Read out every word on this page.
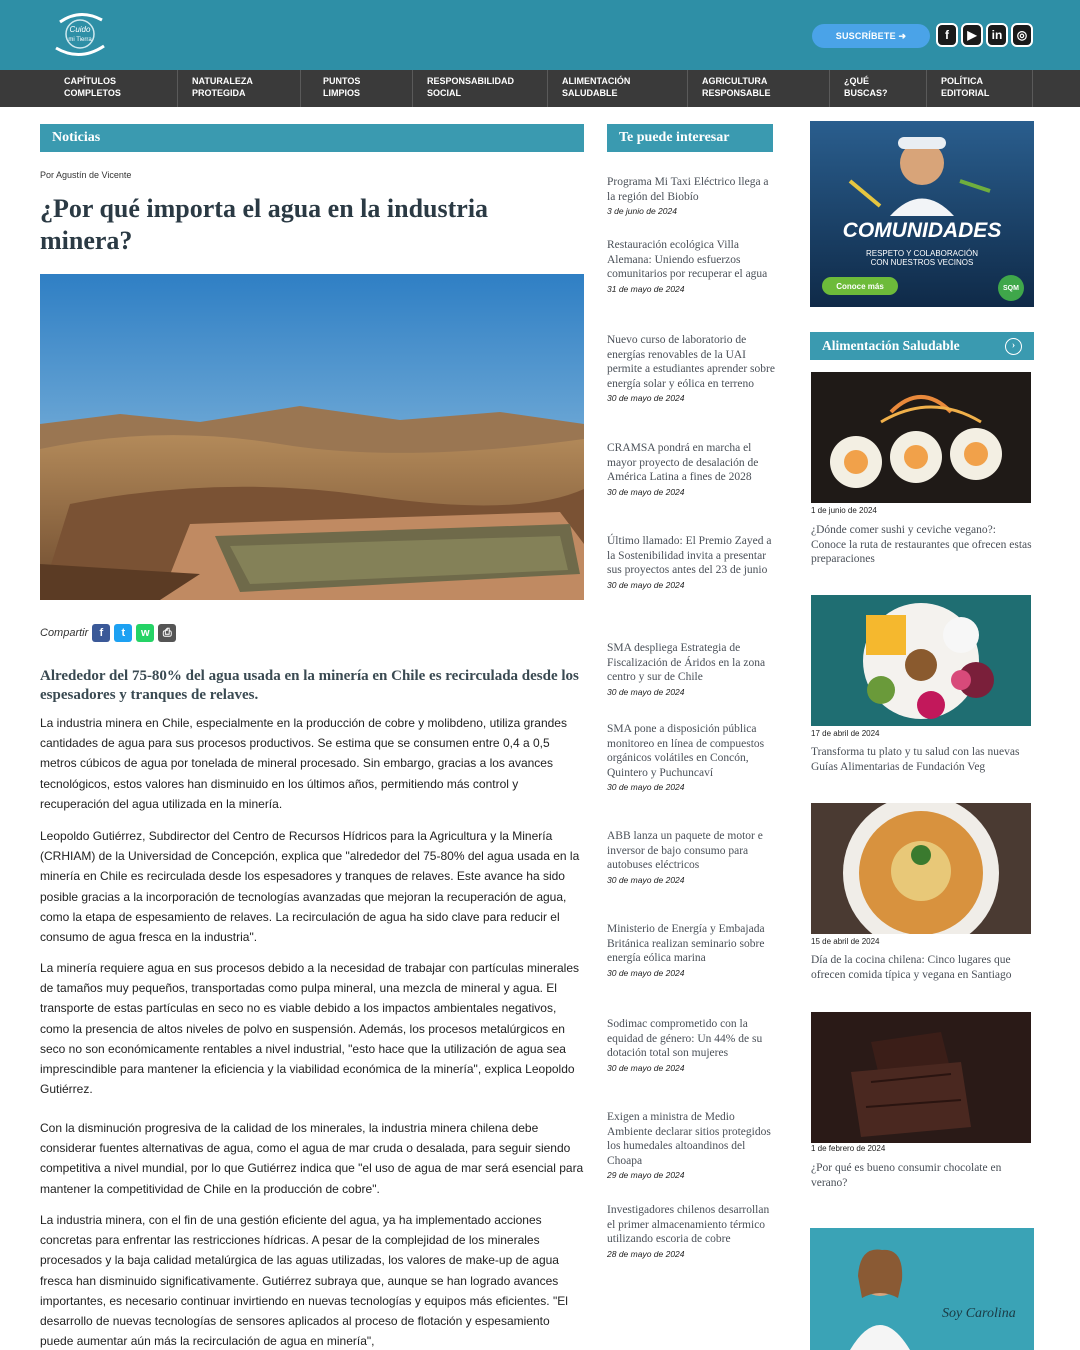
Cuido
mi Tierra	SUSCRÍBETE ➜	f	▶	in	◎
CAPÍTULOS
COMPLETOS
NATURALEZA
PROTEGIDA
PUNTOS
LIMPIOS
RESPONSABILIDAD
SOCIAL
ALIMENTACIÓN
SALUDABLE
AGRICULTURA
RESPONSABLE
¿QUÉ
BUSCAS?
POLÍTICA
EDITORIAL
Noticias
Por Agustín de Vicente
¿Por qué importa el agua en la industria minera?
Compartir	f	t	w	⎙
Alrededor del 75-80% del agua usada en la minería en Chile es recirculada desde los espesadores y tranques de relaves.
La industria minera en Chile, especialmente en la producción de cobre y molibdeno, utiliza grandes cantidades de agua para sus procesos productivos. Se estima que se consumen entre 0,4 a 0,5 metros cúbicos de agua por tonelada de mineral procesado. Sin embargo, gracias a los avances tecnológicos, estos valores han disminuido en los últimos años, permitiendo más control y recuperación del agua utilizada en la minería.
Leopoldo Gutiérrez, Subdirector del Centro de Recursos Hídricos para la Agricultura y la Minería (CRHIAM) de la Universidad de Concepción, explica que "alrededor del 75-80% del agua usada en la minería en Chile es recirculada desde los espesadores y tranques de relaves. Este avance ha sido posible gracias a la incorporación de tecnologías avanzadas que mejoran la recuperación de agua, como la etapa de espesamiento de relaves. La recirculación de agua ha sido clave para reducir el consumo de agua fresca en la industria".
La minería requiere agua en sus procesos debido a la necesidad de trabajar con partículas minerales de tamaños muy pequeños, transportadas como pulpa mineral, una mezcla de mineral y agua. El transporte de estas partículas en seco no es viable debido a los impactos ambientales negativos, como la presencia de altos niveles de polvo en suspensión. Además, los procesos metalúrgicos en seco no son económicamente rentables a nivel industrial, "esto hace que la utilización de agua sea imprescindible para mantener la eficiencia y la viabilidad económica de la minería", explica Leopoldo Gutiérrez.
Con la disminución progresiva de la calidad de los minerales, la industria minera chilena debe considerar fuentes alternativas de agua, como el agua de mar cruda o desalada, para seguir siendo competitiva a nivel mundial, por lo que Gutiérrez indica que "el uso de agua de mar será esencial para mantener la competitividad de Chile en la producción de cobre".
La industria minera, con el fin de una gestión eficiente del agua, ya ha implementado acciones concretas para enfrentar las restricciones hídricas. A pesar de la complejidad de los minerales procesados y la baja calidad metalúrgica de las aguas utilizadas, los valores de make-up de agua fresca han disminuido significativamente. Gutiérrez subraya que, aunque se han logrado avances importantes, es necesario continuar invirtiendo en nuevas tecnologías y equipos más eficientes. "El desarrollo de nuevas tecnologías de sensores aplicados al proceso de flotación y espesamiento puede aumentar aún más la recirculación de agua en minería",
Te puede interesar
Programa Mi Taxi Eléctrico llega a la región del Biobío
3 de junio de 2024
Restauración ecológica Villa Alemana: Uniendo esfuerzos comunitarios por recuperar el agua
31 de mayo de 2024
Nuevo curso de laboratorio de energías renovables de la UAI permite a estudiantes aprender sobre energía solar y eólica en terreno
30 de mayo de 2024
CRAMSA pondrá en marcha el mayor proyecto de desalación de América Latina a fines de 2028
30 de mayo de 2024
Último llamado: El Premio Zayed a la Sostenibilidad invita a presentar sus proyectos antes del 23 de junio
30 de mayo de 2024
SMA despliega Estrategia de Fiscalización de Áridos en la zona centro y sur de Chile
30 de mayo de 2024
SMA pone a disposición pública monitoreo en línea de compuestos orgánicos volátiles en Concón, Quintero y Puchuncaví
30 de mayo de 2024
ABB lanza un paquete de motor e inversor de bajo consumo para autobuses eléctricos
30 de mayo de 2024
Ministerio de Energía y Embajada Británica realizan seminario sobre energía eólica marina
30 de mayo de 2024
Sodimac comprometido con la equidad de género: Un 44% de su dotación total son mujeres
30 de mayo de 2024
Exigen a ministra de Medio Ambiente declarar sitios protegidos los humedales altoandinos del Choapa
29 de mayo de 2024
Investigadores chilenos desarrollan el primer almacenamiento térmico utilizando escoria de cobre
28 de mayo de 2024
COMUNIDADES
RESPETO Y COLABORACIÓN
CON NUESTROS VECINOS
Conoce más	SQM
Alimentación Saludable	›
1 de junio de 2024
¿Dónde comer sushi y ceviche vegano?: Conoce la ruta de restaurantes que ofrecen estas preparaciones
17 de abril de 2024
Transforma tu plato y tu salud con las nuevas Guías Alimentarias de Fundación Veg
15 de abril de 2024
Día de la cocina chilena: Cinco lugares que ofrecen comida típica y vegana en Santiago
1 de febrero de 2024
¿Por qué es bueno consumir chocolate en verano?
Soy Carolina
